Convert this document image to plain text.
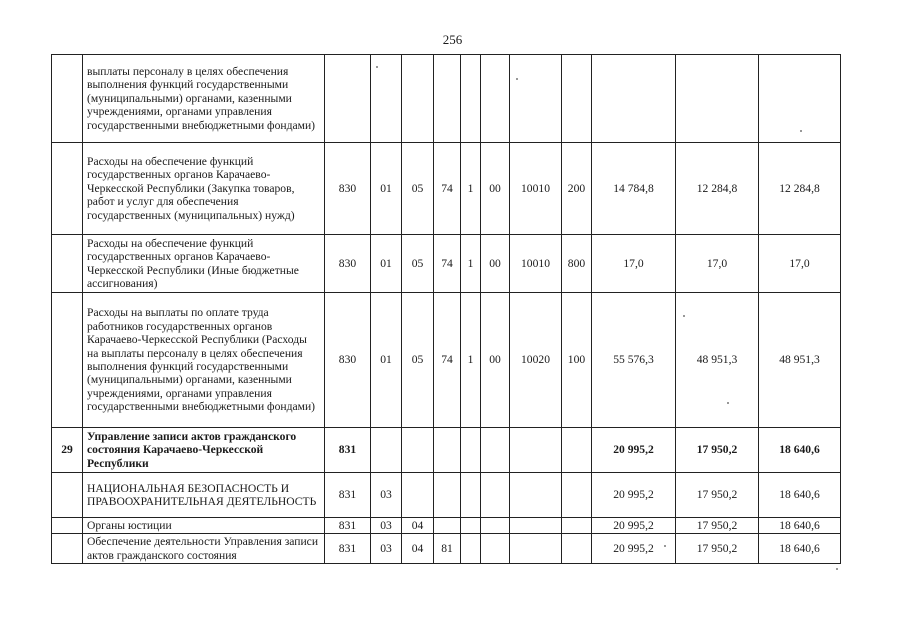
256
	выплаты персоналу в целях обеспечения выполнения функций государственными (муниципальными) органами, казенными учреждениями, органами управления государственными внебюджетными фондами)											
	Расходы на обеспечение функций государственных органов Карачаево-Черкесской Республики (Закупка товаров, работ и услуг для обеспечения государственных (муниципальных) нужд)	830	01	05	74	1	00	10010	200	14 784,8	12 284,8	12 284,8
	Расходы на обеспечение функций государственных органов Карачаево-Черкесской Республики (Иные бюджетные ассигнования)	830	01	05	74	1	00	10010	800	17,0	17,0	17,0
	Расходы на выплаты по оплате труда работников государственных органов Карачаево-Черкесской Республики (Расходы на выплаты персоналу в целях обеспечения выполнения функций государственными (муниципальными) органами, казенными учреждениями, органами управления государственными внебюджетными фондами)	830	01	05	74	1	00	10020	100	55 576,3	48 951,3	48 951,3
29	Управление записи актов гражданского состояния Карачаево-Черкесской Республики	831								20 995,2	17 950,2	18 640,6
	НАЦИОНАЛЬНАЯ БЕЗОПАСНОСТЬ И ПРАВООХРАНИТЕЛЬНАЯ ДЕЯТЕЛЬНОСТЬ	831	03							20 995,2	17 950,2	18 640,6
	Органы юстиции	831	03	04						20 995,2	17 950,2	18 640,6
	Обеспечение деятельности Управления записи актов гражданского состояния	831	03	04	81					20 995,2	17 950,2	18 640,6
